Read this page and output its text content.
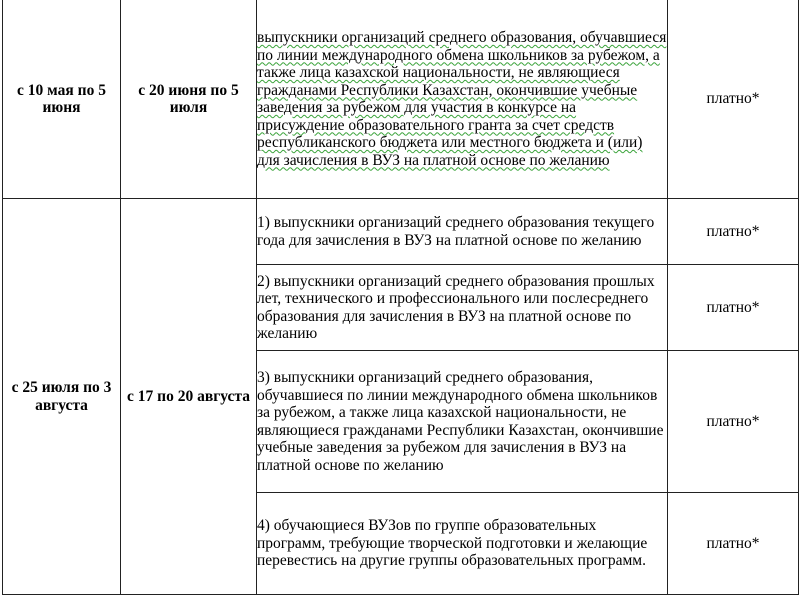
с 10 мая по 5 июня	с 20 июня по 5 июля	выпускники организаций среднего образования, обучавшиеся по линии международного обмена школьников за рубежом, а также лица казахской национальности, не являющиеся гражданами Республики Казахстан, окончившие учебные заведения за рубежом для участия в конкурсе на присуждение образовательного гранта за счет средств республиканского бюджета или местного бюджета и (или) для зачисления в ВУЗ на платной основе по желанию	платно*
с 25 июля по 3 августа	с 17 по 20 августа	1) выпускники организаций среднего образования текущего года для зачисления в ВУЗ на платной основе по желанию	платно*
		2) выпускники организаций среднего образования прошлых лет, технического и профессионального или послесреднего образования для зачисления в ВУЗ на платной основе по желанию	платно*
		3) выпускники организаций среднего образования, обучавшиеся по линии международного обмена школьников за рубежом, а также лица казахской национальности, не являющиеся гражданами Республики Казахстан, окончившие учебные заведения за рубежом для зачисления в ВУЗ на платной основе по желанию	платно*
		4) обучающиеся ВУЗов по группе образовательных программ, требующие творческой подготовки и желающие перевестись на другие группы образовательных программ.	платно*
